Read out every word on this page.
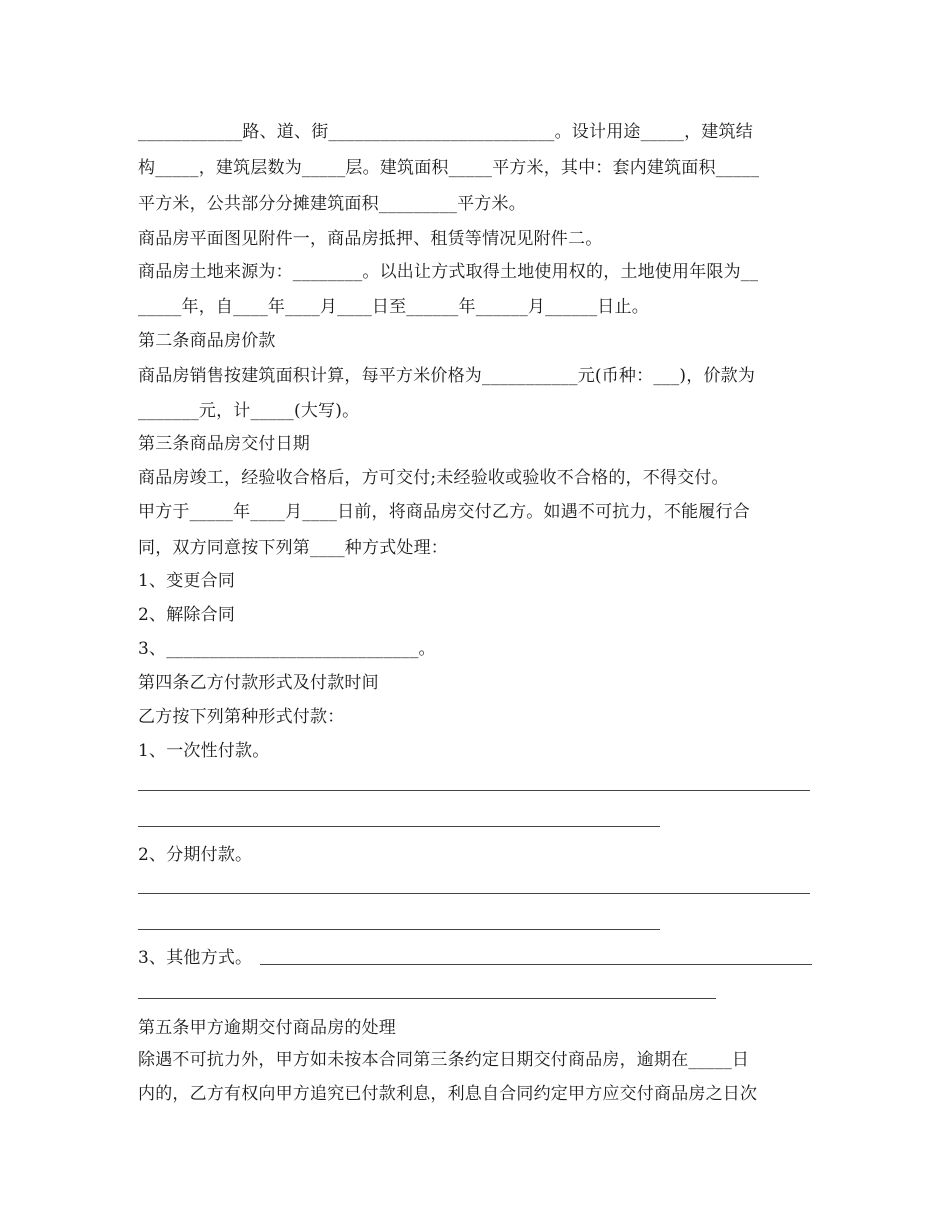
____________路、道、街__________________________。设计用途_____，建筑结
构_____，建筑层数为_____层。建筑面积_____平方米，其中：套内建筑面积_____
平方米，公共部分分摊建筑面积_________平方米。
商品房平面图见附件一，商品房抵押、租赁等情况见附件二。
商品房土地来源为：________。以出让方式取得土地使用权的，土地使用年限为__
_____年，自____年____月____日至______年______月______日止。
第二条商品房价款
商品房销售按建筑面积计算，每平方米价格为___________元(币种：___)，价款为
_______元，计_____(大写)。
第三条商品房交付日期
商品房竣工，经验收合格后，方可交付;未经验收或验收不合格的，不得交付。
甲方于_____年____月____日前，将商品房交付乙方。如遇不可抗力，不能履行合
同，双方同意按下列第____种方式处理：
1、变更合同
2、解除合同
3、_____________________________。
第四条乙方付款形式及付款时间
乙方按下列第种形式付款：
1、一次性付款。
2、分期付款。
3、其他方式。
第五条甲方逾期交付商品房的处理
除遇不可抗力外，甲方如未按本合同第三条约定日期交付商品房，逾期在_____日
内的，乙方有权向甲方追究已付款利息，利息自合同约定甲方应交付商品房之日次
